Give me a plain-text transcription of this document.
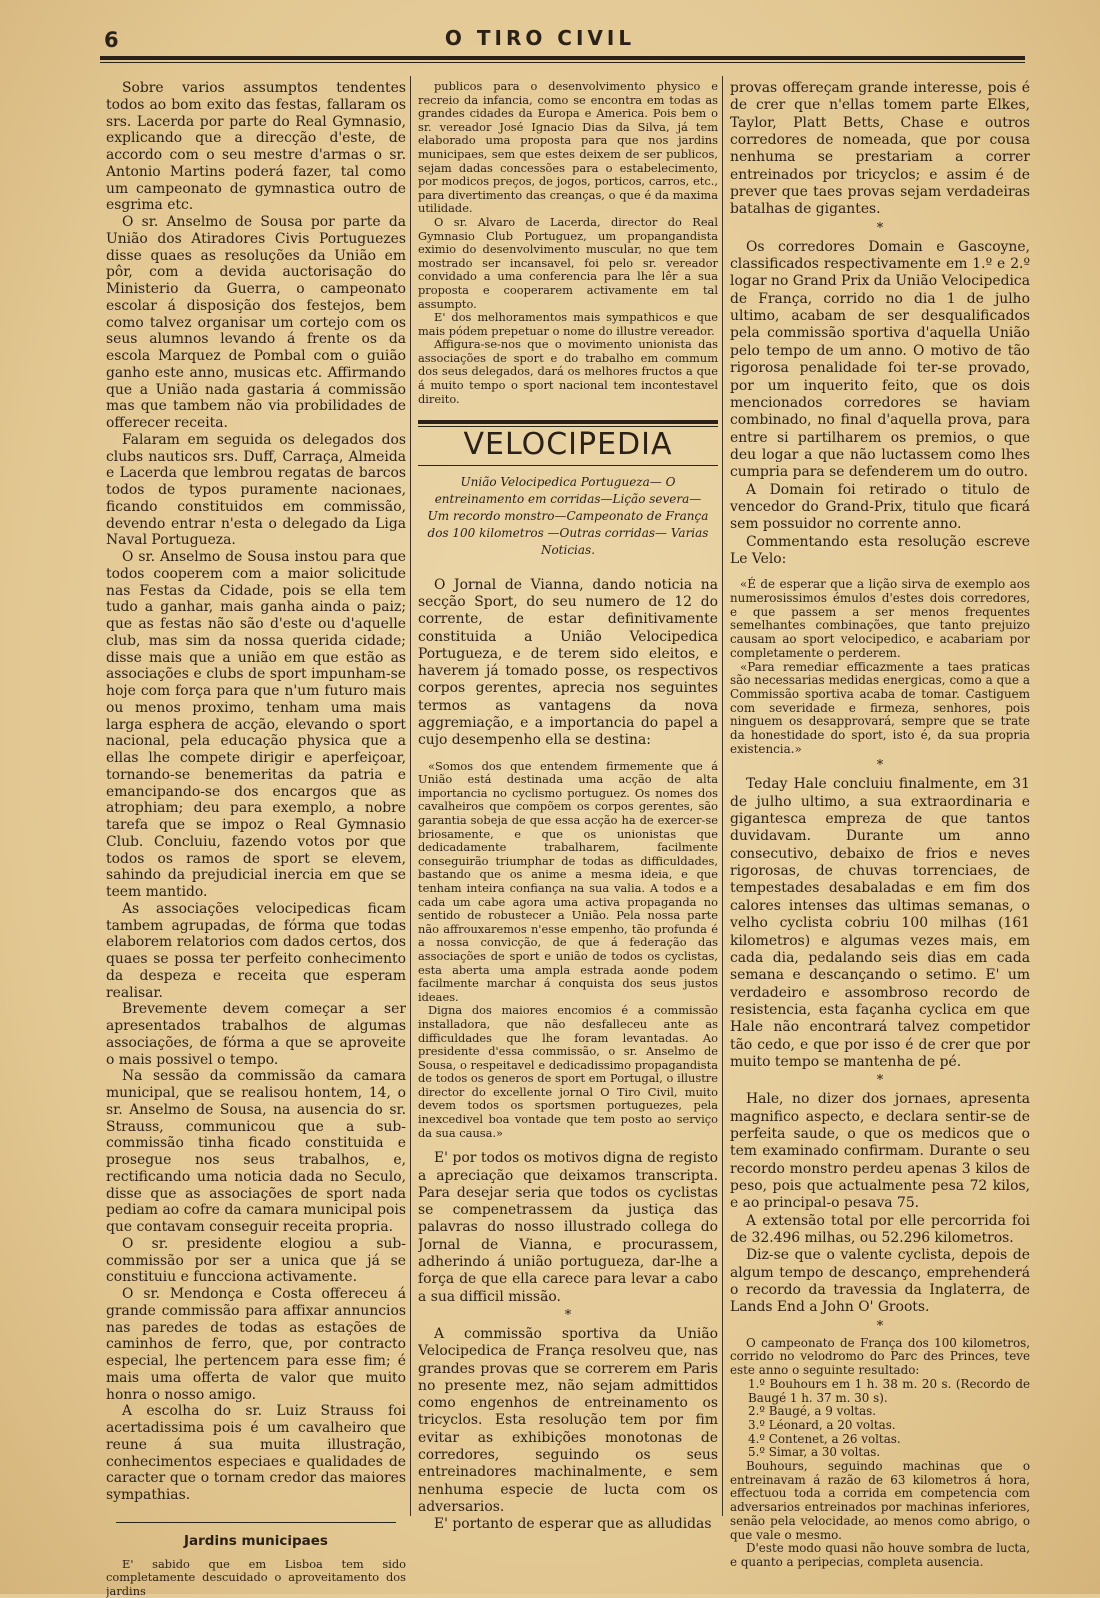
6	O TIRO CIVIL

Sobre varios assumptos tendentes todos ao bom exito das festas, fallaram os srs. Lacerda por parte do Real Gymnasio, explicando que a direcção d'este, de accordo com o seu mestre d'armas o sr. Antonio Martins poderá fazer, tal como um campeonato de gymnastica outro de esgrima etc.

O sr. Anselmo de Sousa por parte da União dos Atiradores Civis Portuguezes disse quaes as resoluções da União em pôr, com a devida auctorisação do Ministerio da Guerra, o campeonato escolar á disposição dos festejos, bem como talvez organisar um cortejo com os seus alumnos levando á frente os da escola Marquez de Pombal com o guião ganho este anno, musicas etc. Affirmando que a União nada gastaria á commissão mas que tambem não via probilidades de offerecer receita.

Falaram em seguida os delegados dos clubs nauticos srs. Duff, Carraça, Almeida e Lacerda que lembrou regatas de barcos todos de typos puramente nacionaes, ficando constituidos em commissão, devendo entrar n'esta o delegado da Liga Naval Portugueza.

O sr. Anselmo de Sousa instou para que todos cooperem com a maior solicitude nas Festas da Cidade, pois se ella tem tudo a ganhar, mais ganha ainda o paiz; que as festas não são d'este ou d'aquelle club, mas sim da nossa querida cidade; disse mais que a união em que estão as associações e clubs de sport impunham-se hoje com força para que n'um futuro mais ou menos proximo, tenham uma mais larga esphera de acção, elevando o sport nacional, pela educação physica que a ellas lhe compete dirigir e aperfeiçoar, tornando-se benemeritas da patria e emancipando-se dos encargos que as atrophiam; deu para exemplo, a nobre tarefa que se impoz o Real Gymnasio Club. Concluiu, fazendo votos por que todos os ramos de sport se elevem, sahindo da prejudicial inercia em que se teem mantido.

As associações velocipedicas ficam tambem agrupadas, de fórma que todas elaborem relatorios com dados certos, dos quaes se possa ter perfeito conhecimento da despeza e receita que esperam realisar.

Brevemente devem começar a ser apresentados trabalhos de algumas associações, de fórma a que se aproveite o mais possivel o tempo.

Na sessão da commissão da camara municipal, que se realisou hontem, 14, o sr. Anselmo de Sousa, na ausencia do sr. Strauss, communicou que a sub-commissão tinha ficado constituida e prosegue nos seus trabalhos, e, rectificando uma noticia dada no Seculo, disse que as associações de sport nada pediam ao cofre da camara municipal pois que contavam conseguir receita propria.

O sr. presidente elogiou a sub-commissão por ser a unica que já se constituiu e funcciona activamente.

O sr. Mendonça e Costa offereceu á grande commissão para affixar annuncios nas paredes de todas as estações de caminhos de ferro, que, por contracto especial, lhe pertencem para esse fim; é mais uma offerta de valor que muito honra o nosso amigo.

A escolha do sr. Luiz Strauss foi acertadissima pois é um cavalheiro que reune á sua muita illustração, conhecimentos especiaes e qualidades de caracter que o tornam credor das maiores sympathias.

Jardins municipaes

E' sabido que em Lisboa tem sido completamente descuidado o aproveitamento dos jardins

publicos para o desenvolvimento physico e recreio da infancia, como se encontra em todas as grandes cidades da Europa e America. Pois bem o sr. vereador José Ignacio Dias da Silva, já tem elaborado uma proposta para que nos jardins municipaes, sem que estes deixem de ser publicos, sejam dadas concessões para o estabelecimento, por modicos preços, de jogos, porticos, carros, etc., para divertimento das creanças, o que é da maxima utilidade.

O sr. Alvaro de Lacerda, director do Real Gymnasio Club Portuguez, um propangandista eximio do desenvolvimento muscular, no que tem mostrado ser incansavel, foi pelo sr. vereador convidado a uma conferencia para lhe lêr a sua proposta e cooperarem activamente em tal assumpto.

E' dos melhoramentos mais sympathicos e que mais pódem prepetuar o nome do illustre vereador.

Affigura-se-nos que o movimento unionista das associações de sport e do trabalho em commum dos seus delegados, dará os melhores fructos a que á muito tempo o sport nacional tem incontestavel direito.

VELOCIPEDIA
União Velocipedica Portugueza— O entreinamento em corridas—Lição severa—Um recordo monstro—Campeonato de França dos 100 kilometros —Outras corridas— Varias Noticias.

O Jornal de Vianna, dando noticia na secção Sport, do seu numero de 12 do corrente, de estar definitivamente constituida a União Velocipedica Portugueza, e de terem sido eleitos, e haverem já tomado posse, os respectivos corpos gerentes, aprecia nos seguintes termos as vantagens da nova aggremiação, e a importancia do papel a cujo desempenho ella se destina:

«Somos dos que entendem firmemente que á União está destinada uma acção de alta importancia no cyclismo portuguez. Os nomes dos cavalheiros que compõem os corpos gerentes, são garantia sobeja de que essa acção ha de exercer-se briosamente, e que os unionistas que dedicadamente trabalharem, facilmente conseguirão triumphar de todas as difficuldades, bastando que os anime a mesma ideia, e que tenham inteira confiança na sua valia. A todos e a cada um cabe agora uma activa propaganda no sentido de robustecer a União. Pela nossa parte não affrouxaremos n'esse empenho, tão profunda é a nossa convicção, de que á federação das associações de sport e união de todos os cyclistas, esta aberta uma ampla estrada aonde podem facilmente marchar á conquista dos seus justos ideaes.

Digna dos maiores encomios é a commissão installadora, que não desfalleceu ante as difficuldades que lhe foram levantadas. Ao presidente d'essa commissão, o sr. Anselmo de Sousa, o respeitavel e dedicadissimo propagandista de todos os generos de sport em Portugal, o illustre director do excellente jornal O Tiro Civil, muito devem todos os sportsmen portuguezes, pela inexcedivel boa vontade que tem posto ao serviço da sua causa.»

E' por todos os motivos digna de registo a apreciação que deixamos transcripta. Para desejar seria que todos os cyclistas se compenetrassem da justiça das palavras do nosso illustrado collega do Jornal de Vianna, e procurassem, adherindo á união portugueza, dar-lhe a força de que ella carece para levar a cabo a sua difficil missão.

*

A commissão sportiva da União Velocipedica de França resolveu que, nas grandes provas que se correrem em Paris no presente mez, não sejam admittidos como engenhos de entreinamento os tricyclos. Esta resolução tem por fim evitar as exhibições monotonas de corredores, seguindo os seus entreinadores machinalmente, e sem nenhuma especie de lucta com os adversarios.

E' portanto de esperar que as alludidas

provas offereçam grande interesse, pois é de crer que n'ellas tomem parte Elkes, Taylor, Platt Betts, Chase e outros corredores de nomeada, que por cousa nenhuma se prestariam a correr entreinados por tricyclos; e assim é de prever que taes provas sejam verdadeiras batalhas de gigantes.

*

Os corredores Domain e Gascoyne, classificados respectivamente em 1.º e 2.º logar no Grand Prix da União Velocipedica de França, corrido no dia 1 de julho ultimo, acabam de ser desqualificados pela commissão sportiva d'aquella União pelo tempo de um anno. O motivo de tão rigorosa penalidade foi ter-se provado, por um inquerito feito, que os dois mencionados corredores se haviam combinado, no final d'aquella prova, para entre si partilharem os premios, o que deu logar a que não luctassem como lhes cumpria para se defenderem um do outro.

A Domain foi retirado o titulo de vencedor do Grand-Prix, titulo que ficará sem possuidor no corrente anno.

Commentando esta resolução escreve Le Velo:

«É de esperar que a lição sirva de exemplo aos numerosissimos émulos d'estes dois corredores, e que passem a ser menos frequentes semelhantes combinações, que tanto prejuizo causam ao sport velocipedico, e acabariam por completamente o perderem.

«Para remediar efficazmente a taes praticas são necessarias medidas energicas, como a que a Commissão sportiva acaba de tomar. Castiguem com severidade e firmeza, senhores, pois ninguem os desapprovará, sempre que se trate da honestidade do sport, isto é, da sua propria existencia.»

*

Teday Hale concluiu finalmente, em 31 de julho ultimo, a sua extraordinaria e gigantesca empreza de que tantos duvidavam. Durante um anno consecutivo, debaixo de frios e neves rigorosas, de chuvas torrenciaes, de tempestades desabaladas e em fim dos calores intenses das ultimas semanas, o velho cyclista cobriu 100 milhas (161 kilometros) e algumas vezes mais, em cada dia, pedalando seis dias em cada semana e descançando o setimo. E' um verdadeiro e assombroso recordo de resistencia, esta façanha cyclica em que Hale não encontrará talvez competidor tão cedo, e que por isso é de crer que por muito tempo se mantenha de pé.

*

Hale, no dizer dos jornaes, apresenta magnifico aspecto, e declara sentir-se de perfeita saude, o que os medicos que o tem examinado confirmam. Durante o seu recordo monstro perdeu apenas 3 kilos de peso, pois que actualmente pesa 72 kilos, e ao principal-o pesava 75.

A extensão total por elle percorrida foi de 32.496 milhas, ou 52.296 kilometros.

Diz-se que o valente cyclista, depois de algum tempo de descanço, emprehenderá o recordo da travessia da Inglaterra, de Lands End a John O' Groots.

*

O campeonato de França dos 100 kilometros, corrido no velodromo do Parc des Princes, teve este anno o seguinte resultado:

1.º Bouhours em 1 h. 38 m. 20 s. (Recordo de Baugé 1 h. 37 m. 30 s).
2.º Baugé, a 9 voltas.
3.º Léonard, a 20 voltas.
4.º Contenet, a 26 voltas.
5.º Simar, a 30 voltas.

Bouhours, seguindo machinas que o entreinavam á razão de 63 kilometros á hora, effectuou toda a corrida em competencia com adversarios entreinados por machinas inferiores, senão pela velocidade, ao menos como abrigo, o que vale o mesmo.

D'este modo quasi não houve sombra de lucta, e quanto a peripecias, completa ausencia.
